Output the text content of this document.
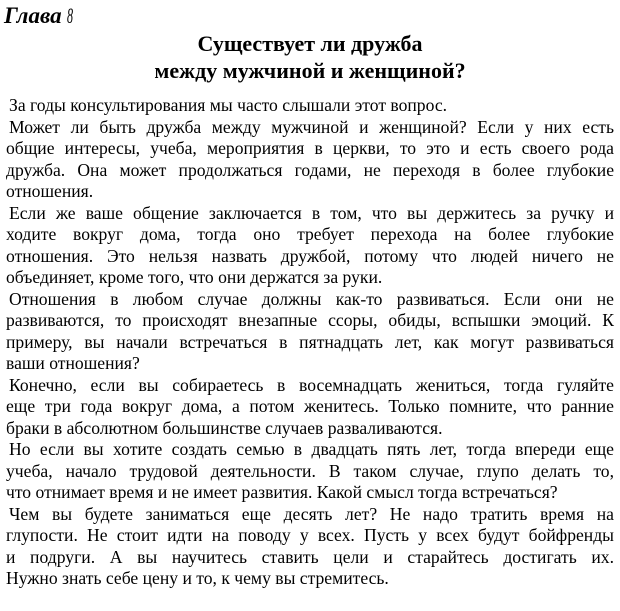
Глава 8
Существует ли дружба
между мужчиной и женщиной?
За годы консультирования мы часто слышали этот вопрос.
Может ли быть дружба между мужчиной и женщиной? Если у них есть
общие интересы, учеба, мероприятия в церкви, то это и есть своего рода
дружба. Она может продолжаться годами, не переходя в более глубокие
отношения.
Если же ваше общение заключается в том, что вы держитесь за ручку и
ходите вокруг дома, тогда оно требует перехода на более глубокие
отношения. Это нельзя назвать дружбой, потому что людей ничего не
объединяет, кроме того, что они держатся за руки.
Отношения в любом случае должны как-то развиваться. Если они не
развиваются, то происходят внезапные ссоры, обиды, вспышки эмоций. К
примеру, вы начали встречаться в пятнадцать лет, как могут развиваться
ваши отношения?
Конечно, если вы собираетесь в восемнадцать жениться, тогда гуляйте
еще три года вокруг дома, а потом женитесь. Только помните, что ранние
браки в абсолютном большинстве случаев разваливаются.
Но если вы хотите создать семью в двадцать пять лет, тогда впереди еще
учеба, начало трудовой деятельности. В таком случае, глупо делать то,
что отнимает время и не имеет развития. Какой смысл тогда встречаться?
Чем вы будете заниматься еще десять лет? Не надо тратить время на
глупости. Не стоит идти на поводу у всех. Пусть у всех будут бойфренды
и подруги. А вы научитесь ставить цели и старайтесь достигать их.
Нужно знать себе цену и то, к чему вы стремитесь.
